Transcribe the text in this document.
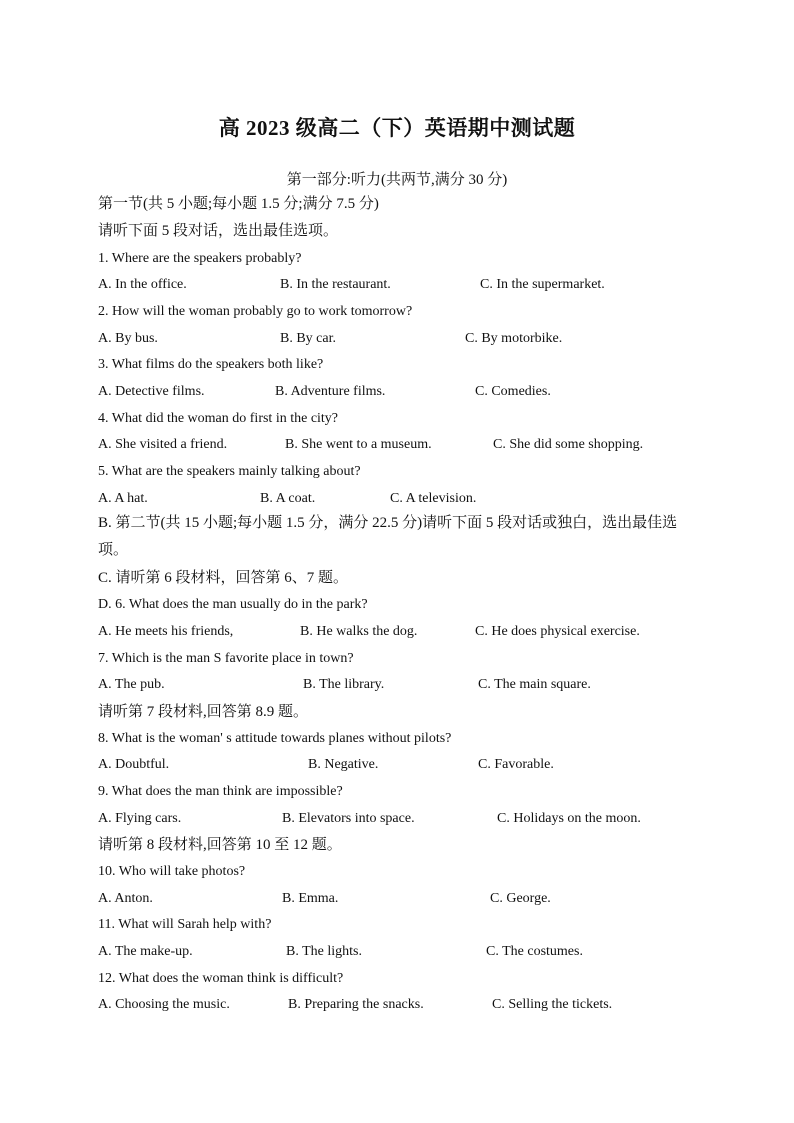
高 2023 级高二（下）英语期中测试题
第一部分:听力(共两节,满分 30 分)
第一节(共 5 小题;每小题 1.5 分;满分 7.5 分)
请听下面 5 段对话，选出最佳选项。
1. Where are the speakers probably?
A. In the office.	B. In the restaurant.	C. In the supermarket.
2. How will the woman probably go to work tomorrow?
A. By bus.	B. By car.	C. By motorbike.
3. What films do the speakers both like?
A. Detective films.	B. Adventure films.	C. Comedies.
4. What did the woman do first in the city?
A. She visited a friend.	B. She went to a museum.	C. She did some shopping.
5. What are the speakers mainly talking about?
A. A hat.	B. A coat.	C. A television.
B. 第二节(共 15 小题;每小题 1.5 分，满分 22.5 分)请听下面 5 段对话或独白，选出最佳选项。
C. 请听第 6 段材料，回答第 6、7 题。
D. 6. What does the man usually do in the park?
A. He meets his friends,	B. He walks the dog.	C. He does physical exercise.
7. Which is the man S favorite place in town?
A. The pub.	B. The library.	C. The main square.
请听第 7 段材料,回答第 8.9 题。
8. What is the woman' s attitude towards planes without pilots?
A. Doubtful.	B. Negative.	C. Favorable.
9. What does the man think are impossible?
A. Flying cars.	B. Elevators into space.	C. Holidays on the moon.
请听第 8 段材料,回答第 10 至 12 题。
10. Who will take photos?
A. Anton.	B. Emma.	C. George.
11. What will Sarah help with?
A. The make-up.	B. The lights.	C. The costumes.
12. What does the woman think is difficult?
A. Choosing the music.	B. Preparing the snacks.	C. Selling the tickets.
